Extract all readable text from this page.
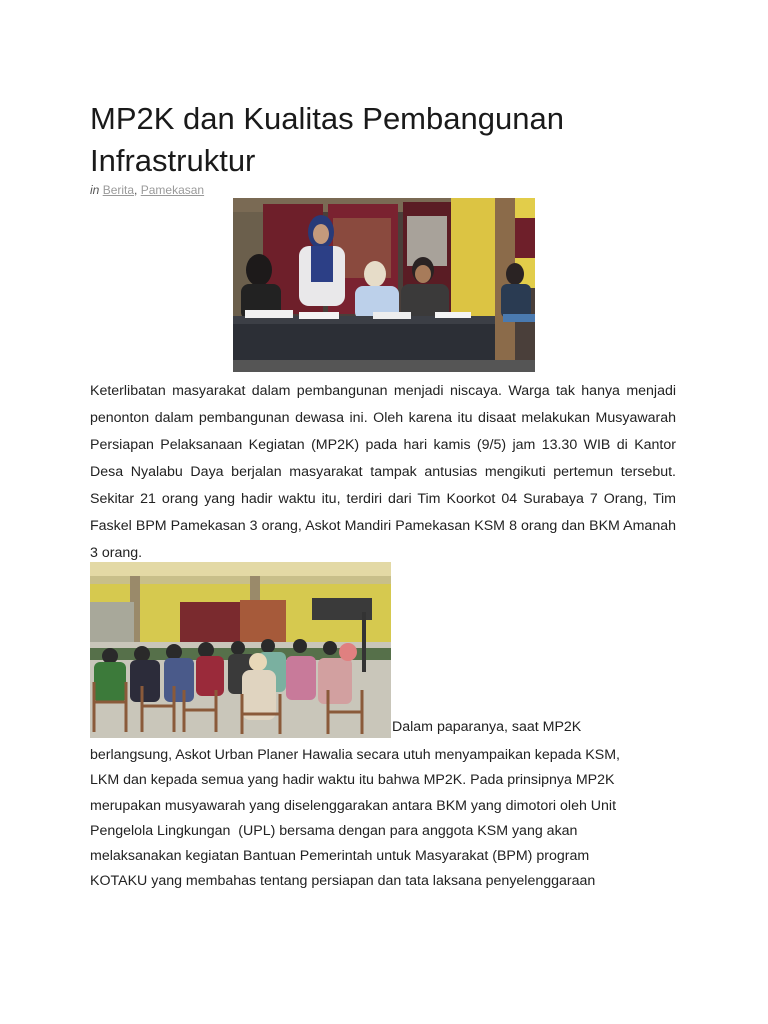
MP2K dan Kualitas Pembangunan Infrastruktur
in Berita, Pamekasan

Keterlibatan masyarakat dalam pembangunan menjadi niscaya. Warga tak hanya menjadi penonton dalam pembangunan dewasa ini. Oleh karena itu disaat melakukan Musyawarah Persiapan Pelaksanaan Kegiatan (MP2K) pada hari kamis (9/5) jam 13.30 WIB di Kantor Desa Nyalabu Daya berjalan masyarakat tampak antusias mengikuti pertemun tersebut. Sekitar 21 orang yang hadir waktu itu, terdiri dari Tim Koorkot 04 Surabaya 7 Orang, Tim Faskel BPM Pamekasan 3 orang, Askot Mandiri Pamekasan KSM 8 orang dan BKM Amanah 3 orang.

Dalam paparanya, saat MP2K
berlangsung, Askot Urban Planer Hawalia secara utuh menyampaikan kepada KSM,
LKM dan kepada semua yang hadir waktu itu bahwa MP2K. Pada prinsipnya MP2K
merupakan musyawarah yang diselenggarakan antara BKM yang dimotori oleh Unit
Pengelola Lingkungan  (UPL) bersama dengan para anggota KSM yang akan
melaksanakan kegiatan Bantuan Pemerintah untuk Masyarakat (BPM) program
KOTAKU yang membahas tentang persiapan dan tata laksana penyelenggaraan
